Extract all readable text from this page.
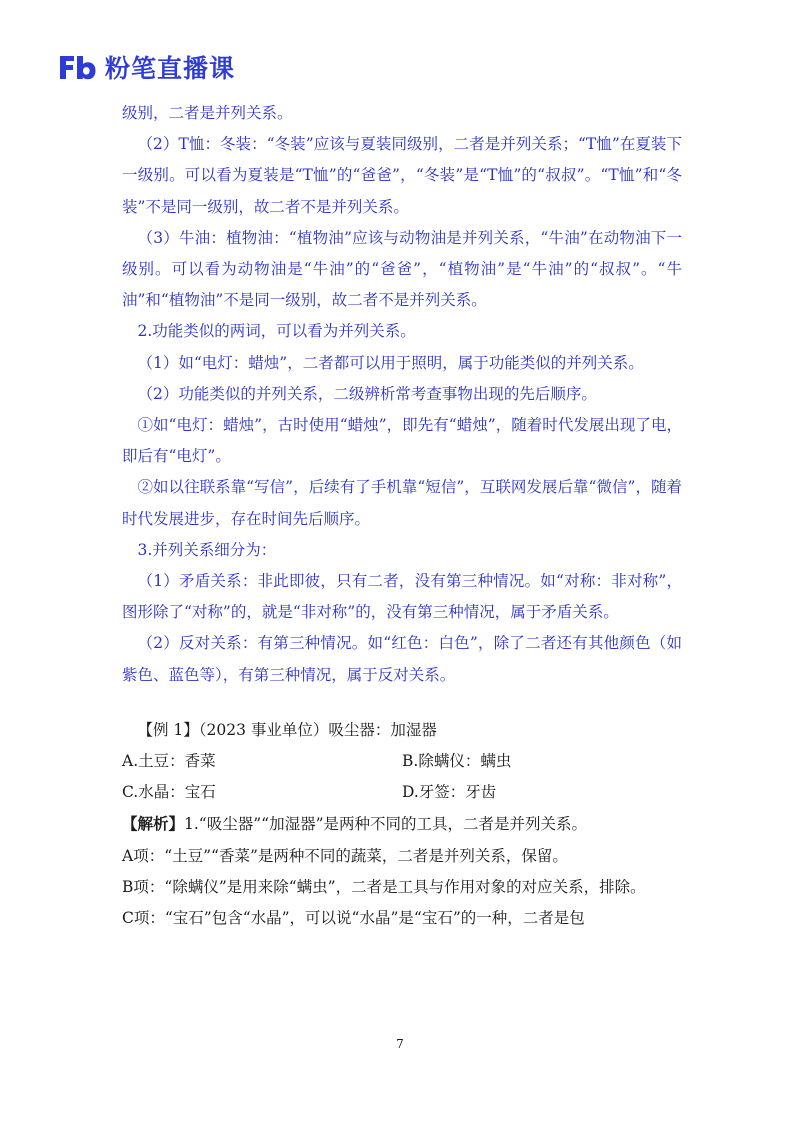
粉笔直播课

级别，二者是并列关系。

（2）T恤：冬装：“冬装”应该与夏装同级别，二者是并列关系；“T恤”在夏装下一级别。可以看为夏装是“T恤”的“爸爸”，“冬装”是“T恤”的“叔叔”。“T恤”和“冬装”不是同一级别，故二者不是并列关系。

（3）牛油：植物油：“植物油”应该与动物油是并列关系，“牛油”在动物油下一级别。可以看为动物油是“牛油”的“爸爸”，“植物油”是“牛油”的“叔叔”。“牛油”和“植物油”不是同一级别，故二者不是并列关系。

2.功能类似的两词，可以看为并列关系。

（1）如“电灯：蜡烛”，二者都可以用于照明，属于功能类似的并列关系。

（2）功能类似的并列关系，二级辨析常考查事物出现的先后顺序。

①如“电灯：蜡烛”，古时使用“蜡烛”，即先有“蜡烛”，随着时代发展出现了电，即后有“电灯”。

②如以往联系靠“写信”，后续有了手机靠“短信”，互联网发展后靠“微信”，随着时代发展进步，存在时间先后顺序。

3.并列关系细分为：

（1）矛盾关系：非此即彼，只有二者，没有第三种情况。如“对称：非对称”，图形除了“对称”的，就是“非对称”的，没有第三种情况，属于矛盾关系。

（2）反对关系：有第三种情况。如“红色：白色”，除了二者还有其他颜色（如紫色、蓝色等），有第三种情况，属于反对关系。

【例 1】（2023 事业单位）吸尘器：加湿器

A.土豆：香菜	B.除螨仪：螨虫
C.水晶：宝石	D.牙签：牙齿

【解析】1.“吸尘器”“加湿器”是两种不同的工具，二者是并列关系。

A项：“土豆”“香菜”是两种不同的蔬菜，二者是并列关系，保留。

B项：“除螨仪”是用来除“螨虫”，二者是工具与作用对象的对应关系，排除。

C项：“宝石”包含“水晶”，可以说“水晶”是“宝石”的一种，二者是包

7
